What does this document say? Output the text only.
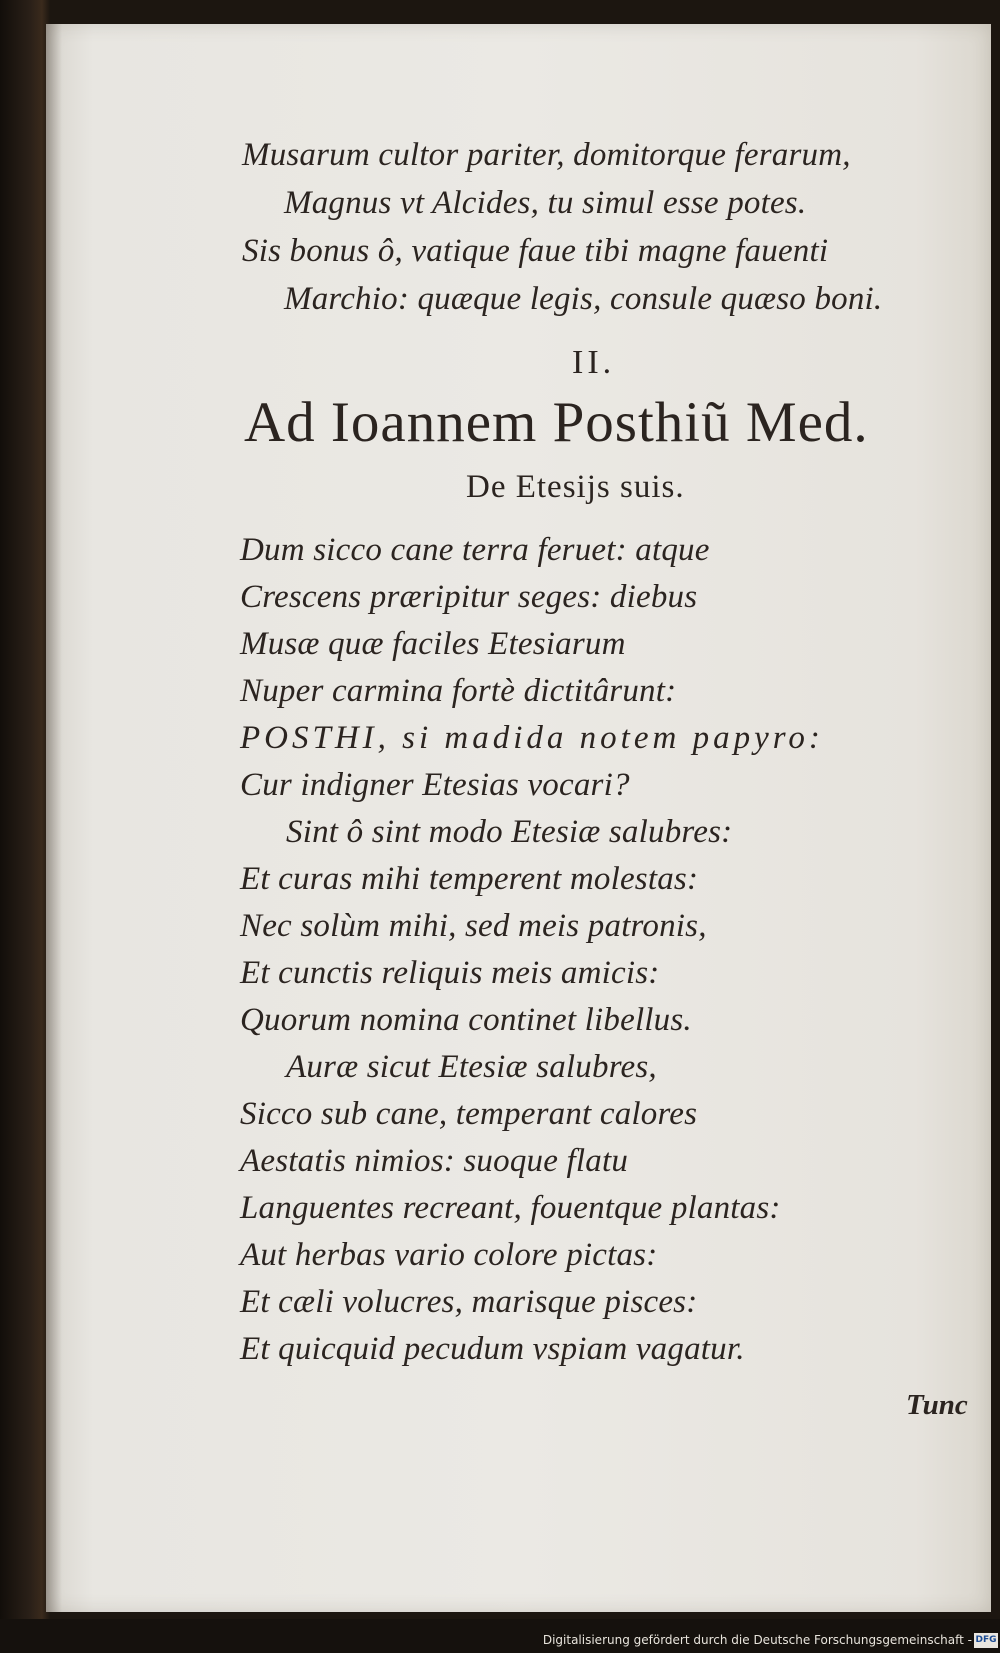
Musarum cultor pariter, domitorque ferarum,
Magnus vt Alcides, tu simul esse potes.
Sis bonus ô, vatique faue tibi magne fauenti
Marchio: quæque legis, consule quæso boni.
II.
Ad Ioannem Posthiũ Med.
De Etesijs suis.
Dum sicco cane terra feruet: atque
Crescens præripitur seges: diebus
Musæ quæ faciles Etesiarum
Nuper carmina fortè dictitârunt:
POSTHI, si madida notem papyro:
Cur indigner Etesias vocari?
Sint ô sint modo Etesiæ salubres:
Et curas mihi temperent molestas:
Nec solùm mihi, sed meis patronis,
Et cunctis reliquis meis amicis:
Quorum nomina continet libellus.
Auræ sicut Etesiæ salubres,
Sicco sub cane, temperant calores
Aestatis nimios: suoque flatu
Languentes recreant, fouentque plantas:
Aut herbas vario colore pictas:
Et cæli volucres, marisque pisces:
Et quicquid pecudum vspiam vagatur.
Tunc
Digitalisierung gefördert durch die Deutsche Forschungsgemeinschaft - DFG
